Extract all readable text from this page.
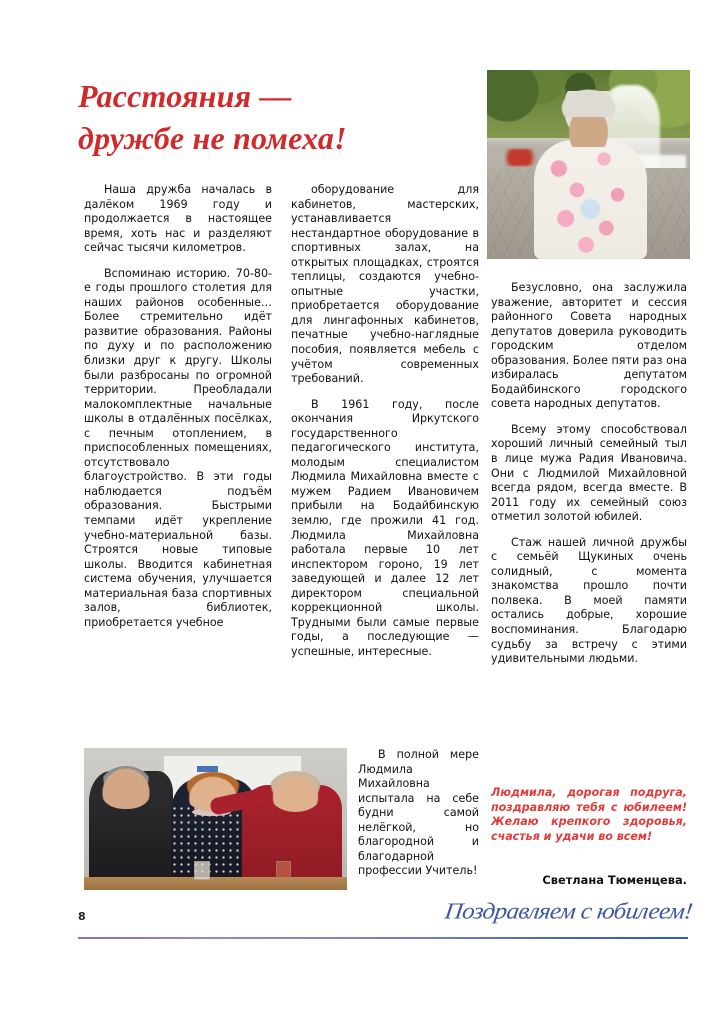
Расстояния —
дружбе не помеха!

Наша дружба началась в далёком 1969 году и продолжается в настоящее время, хоть нас и разделяют сейчас тысячи километров.

Вспоминаю историю. 70-80-е годы прошлого столетия для наших районов особенные… Более стремительно идёт развитие образования. Районы по духу и по расположению близки друг к другу. Школы были разбросаны по огромной территории. Преобладали малокомплектные начальные школы в отдалённых посёлках, с печным отоплением, в приспособленных помещениях, отсутствовало благоустройство. В эти годы наблюдается подъём образования. Быстрыми темпами идёт укрепление учебно-материальной базы. Строятся новые типовые школы. Вводится кабинетная система обучения, улучшается материальная база спортивных залов, библиотек, приобретается учебное

оборудование для кабинетов, мастерских, устанавливается нестандартное оборудование в спортивных залах, на открытых площадках, строятся теплицы, создаются учебно-опытные участки, приобретается оборудование для лингафонных кабинетов, печатные учебно-наглядные пособия, появляется мебель с учётом современных требований.

В 1961 году, после окончания Иркутского государственного педагогического института, молодым специалистом Людмила Михайловна вместе с мужем Радием Ивановичем прибыли на Бодайбинскую землю, где прожили 41 год. Людмила Михайловна работала первые 10 лет инспектором гороно, 19 лет заведующей и далее 12 лет директором специальной коррекционной школы. Трудными были самые первые годы, а последующие — успешные, интересные.

В полной мере Людмила Михайловна испытала на себе будни самой нелёгкой, но благородной и благодарной профессии Учитель!

Безусловно, она заслужила уважение, авторитет и сессия районного Совета народных депутатов доверила руководить городским отделом образования. Более пяти раз она избиралась депутатом Бодайбинского городского совета народных депутатов.

Всему этому способствовал хороший личный семейный тыл в лице мужа Радия Ивановича. Они с Людмилой Михайловной всегда рядом, всегда вместе. В 2011 году их семейный союз отметил золотой юбилей.

Стаж нашей личной дружбы с семьёй Щукиных очень солидный, с момента знакомства прошло почти полвека. В моей памяти остались добрые, хорошие воспоминания. Благодарю судьбу за встречу с этими удивительными людьми.

Людмила, дорогая подруга, поздравляю тебя с юбилеем! Желаю крепкого здоровья, счастья и удачи во всем!
Светлана Тюменцева.
8	Поздравляем с юбилеем!
